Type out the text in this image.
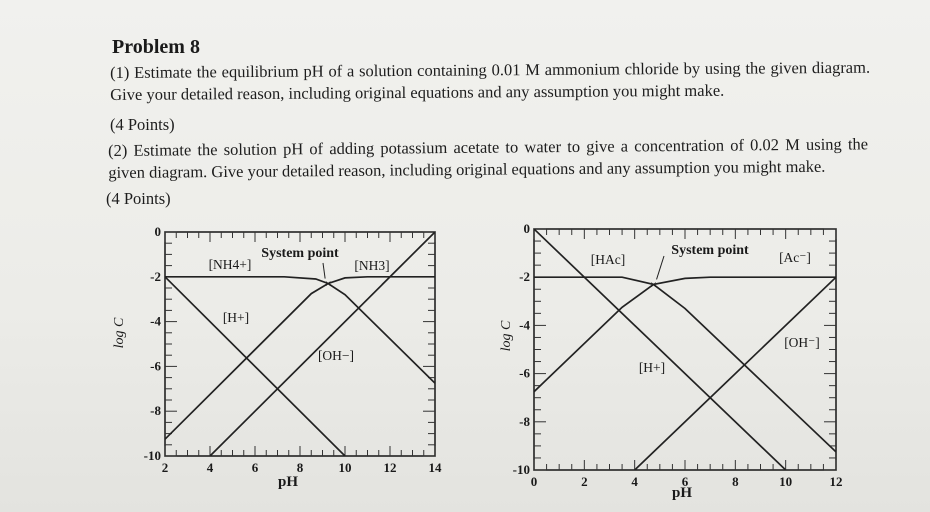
Problem 8
(1) Estimate the equilibrium pH of a solution containing 0.01 M ammonium chloride by using the given diagram. Give your detailed reason, including original equations and any assumption you might make.
(4 Points)
(2) Estimate the solution pH of adding potassium acetate to water to give a concentration of 0.02 M using the given diagram. Give your detailed reason, including original equations and any assumption you might make.
(4 Points)
2	4	6	8	10 12 14
0
-2
-4
-6
-8
-10
pH
log C
×
System point
[NH4+]	[NH3]
[H+]
[OH−]
0	2	4	6	8	10	12
0
-2
-4
-6
-8
-10
pH
log C
×
System point
[HAc]	[Ac⁻]
[H+]
[OH⁻]
